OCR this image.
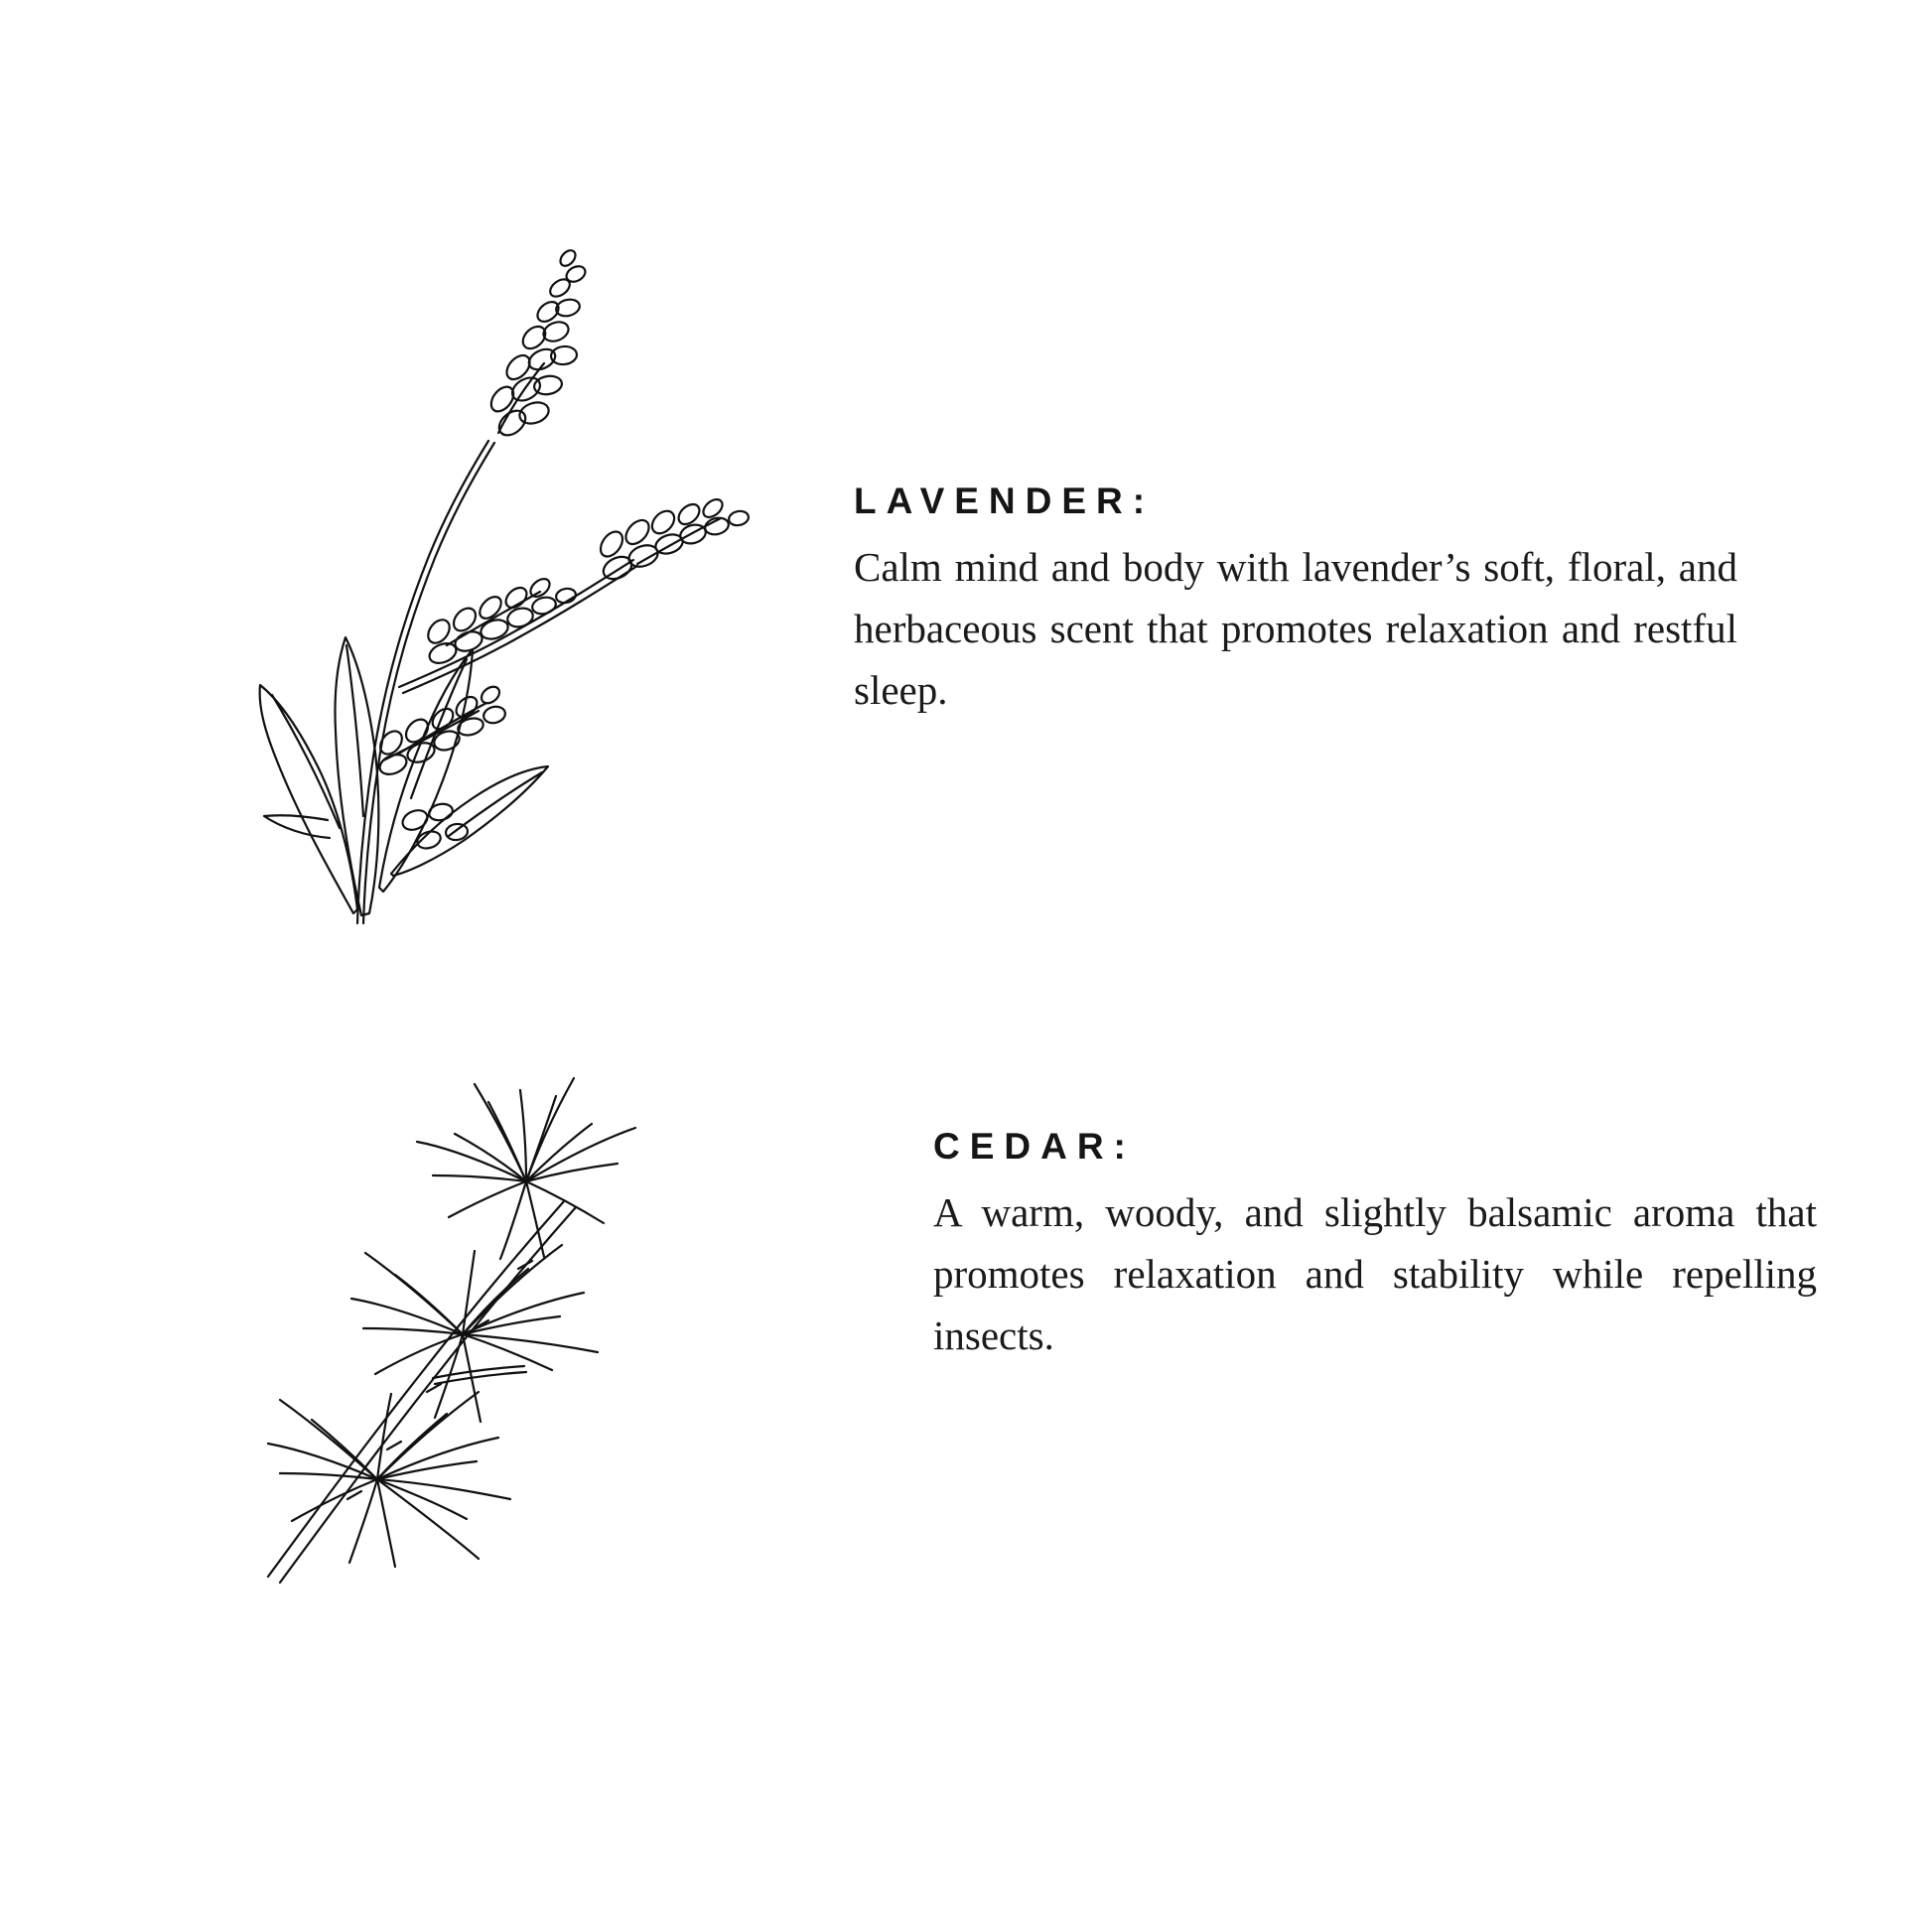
LAVENDER:

Calm mind and body with lavender’s soft, floral, and herbaceous scent that promotes relaxation and restful sleep.

CEDAR:

A warm, woody, and slightly balsamic aroma that promotes relaxation and stability while repelling insects.
